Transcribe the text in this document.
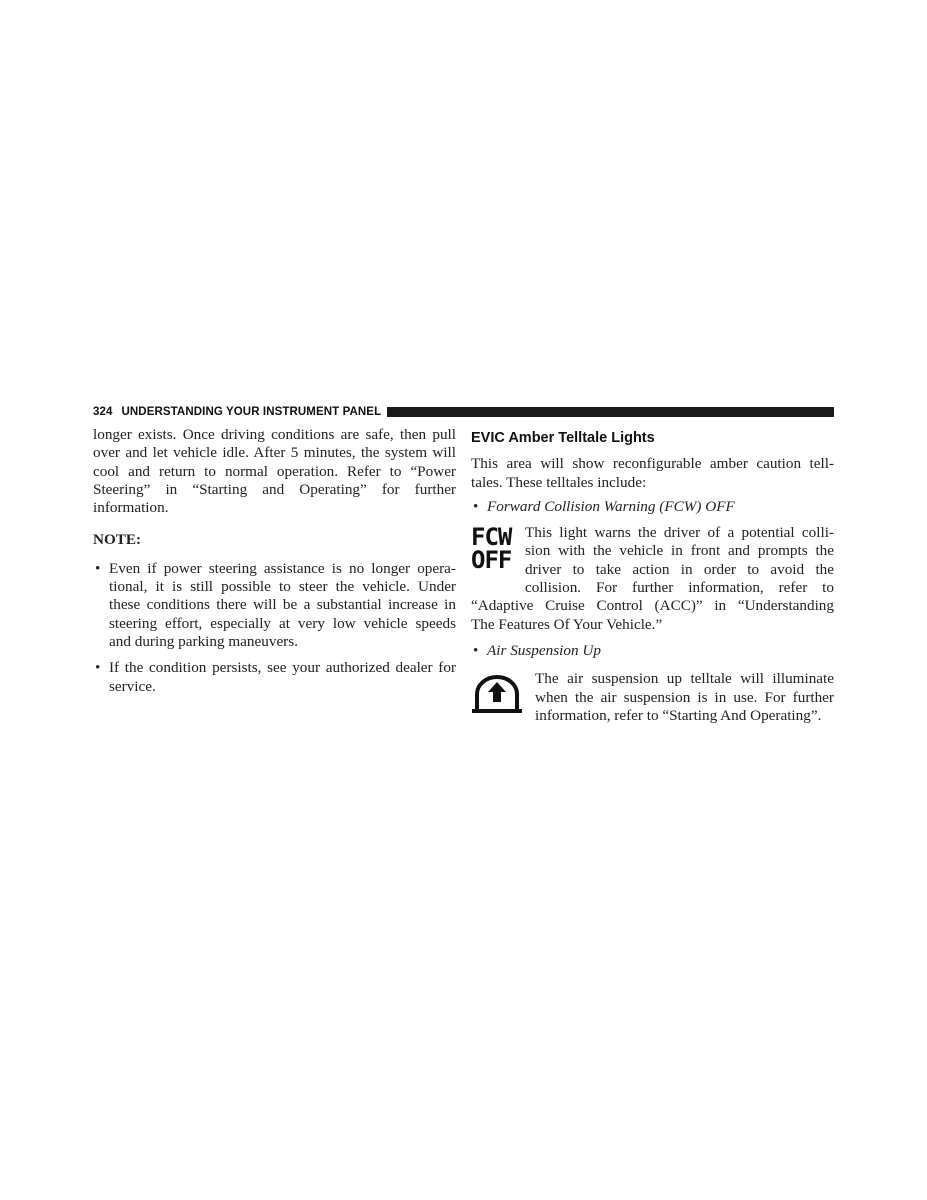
324 UNDERSTANDING YOUR INSTRUMENT PANEL

longer exists. Once driving conditions are safe, then pull
over and let vehicle idle. After 5 minutes, the system will
cool and return to normal operation. Refer to “Power
Steering” in “Starting and Operating” for further
information.

NOTE:

• Even if power steering assistance is no longer opera-
tional, it is still possible to steer the vehicle. Under
these conditions there will be a substantial increase in
steering effort, especially at very low vehicle speeds
and during parking maneuvers.
• If the condition persists, see your authorized dealer for
service.
EVIC Amber Telltale Lights

This area will show reconfigurable amber caution tell-
tales. These telltales include:

• Forward Collision Warning (FCW) OFF
FCW
OFF
This light warns the driver of a potential colli-
sion with the vehicle in front and prompts the
driver to take action in order to avoid the
collision. For further information, refer to

“Adaptive Cruise Control (ACC)” in “Understanding
The Features Of Your Vehicle.”

• Air Suspension Up
The air suspension up telltale will illuminate
when the air suspension is in use. For further
information, refer to “Starting And Operating”.
